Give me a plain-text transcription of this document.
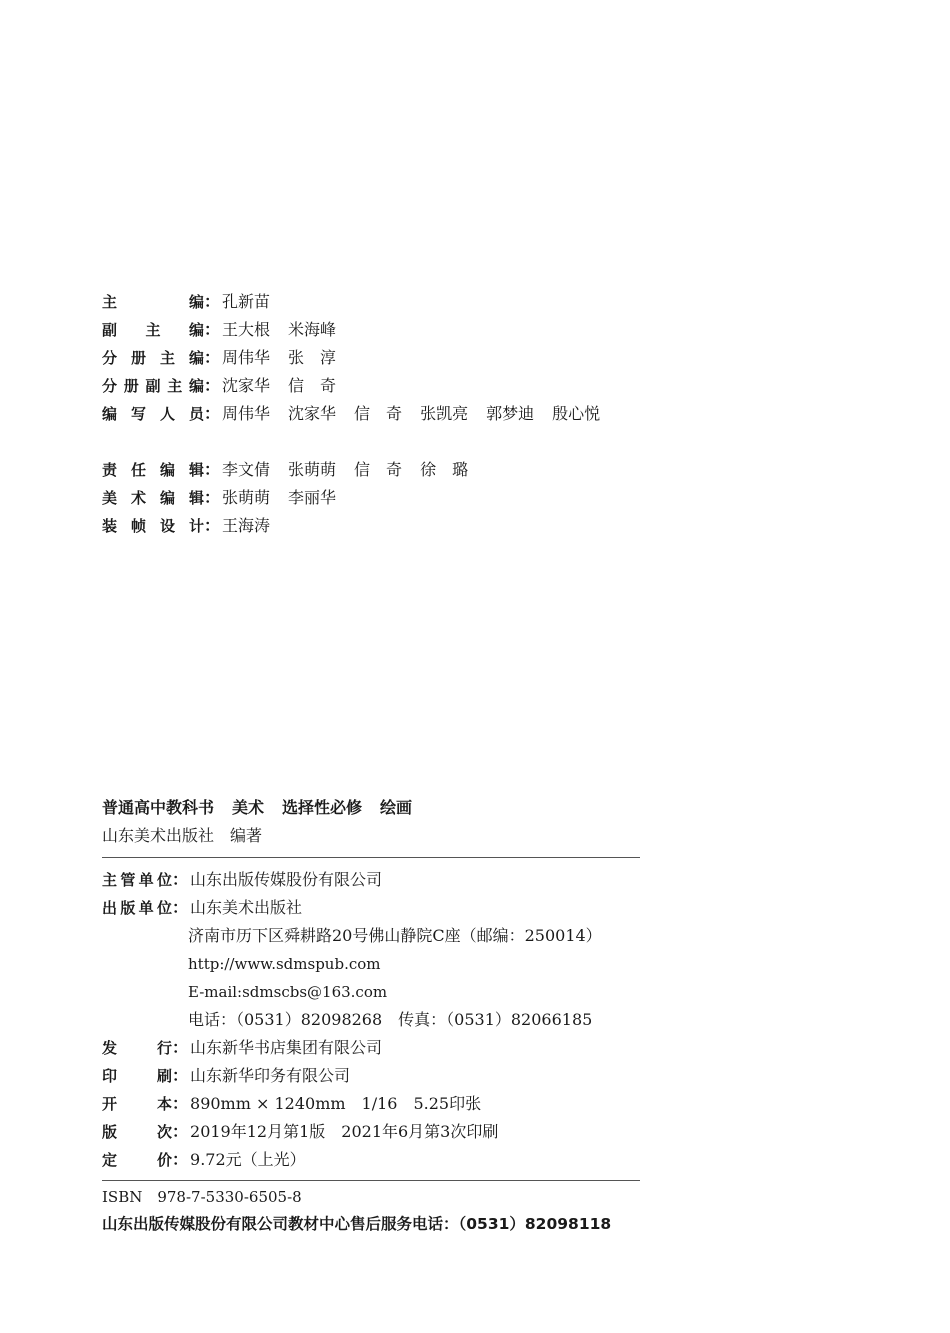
主编： 孔新苗
副主编： 王大根 米海峰
分册主编： 周伟华 张　淳
分册副主编： 沈家华 信　奇
编写人员： 周伟华 沈家华 信　奇 张凯亮 郭梦迪 殷心悦
责任编辑： 李文倩 张萌萌 信　奇 徐　璐
美术编辑： 张萌萌 李丽华
装帧设计： 王海涛
普通高中教科书 美术 选择性必修 绘画
山东美术出版社　编著
主管单位： 山东出版传媒股份有限公司
出版单位： 山东美术出版社
济南市历下区舜耕路20号佛山静院C座（邮编：250014）
http://www.sdmspub.com
E-mail:sdmscbs@163.com
电话：（0531）82098268　传真：（0531）82066185
发行： 山东新华书店集团有限公司
印刷： 山东新华印务有限公司
开本： 890mm × 1240mm　1/16　5.25印张
版次： 2019年12月第1版　2021年6月第3次印刷
定价： 9.72元（上光）
ISBN　978-7-5330-6505-8
山东出版传媒股份有限公司教材中心售后服务电话：（0531）82098118
